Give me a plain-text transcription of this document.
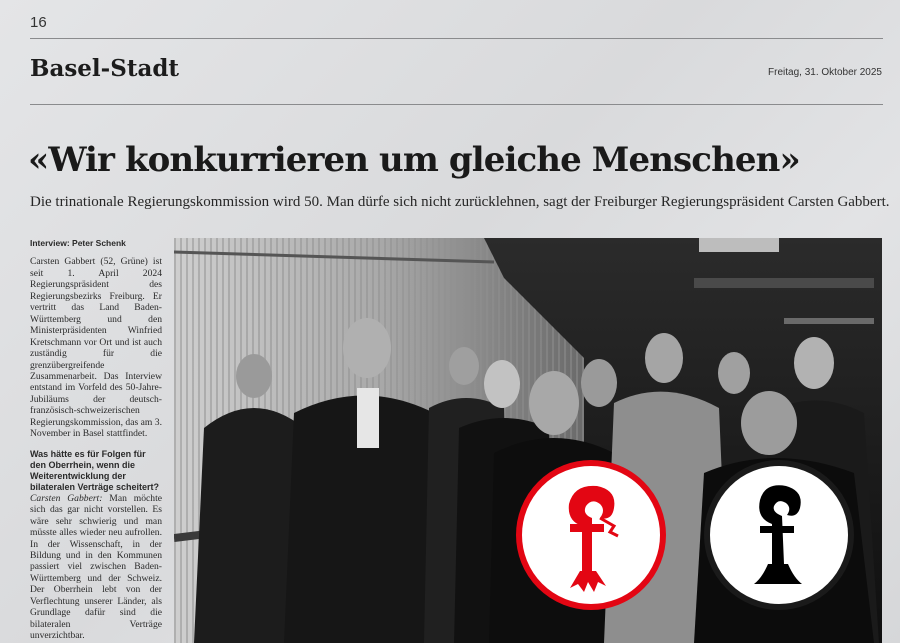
16
Basel-Stadt	Freitag, 31. Oktober 2025
«Wir konkurrieren um gleiche Menschen»
Die trinationale Regierungskommission wird 50. Man dürfe sich nicht zurücklehnen, sagt der Freiburger Regierungspräsident Carsten Gabbert.
Interview: Peter Schenk

Carsten Gabbert (52, Grüne) ist seit 1. April 2024 Regierungspräsident des Regierungsbezirks Freiburg. Er vertritt das Land Baden-Württemberg und den Ministerpräsidenten Winfried Kretschmann vor Ort und ist auch zuständig für die grenzübergreifende Zusammenarbeit. Das Interview entstand im Vorfeld des 50-Jahre-Jubiläums der deutsch-französisch-schweizerischen Regierungskommission, das am 3. November in Basel stattfindet.

Was hätte es für Folgen für den Oberrhein, wenn die Weiterentwicklung der bilateralen Verträge scheitert?

Carsten Gabbert: Man möchte sich das gar nicht vorstellen. Es wäre sehr schwierig und man müsste alles wieder neu aufrollen. In der Wissenschaft, in der Bildung und in den Kommunen passiert viel zwischen Baden-Württemberg und der Schweiz. Der Oberrhein lebt von der Verflechtung unserer Länder, als Grundlage dafür sind die bilateralen Verträge unverzichtbar.
